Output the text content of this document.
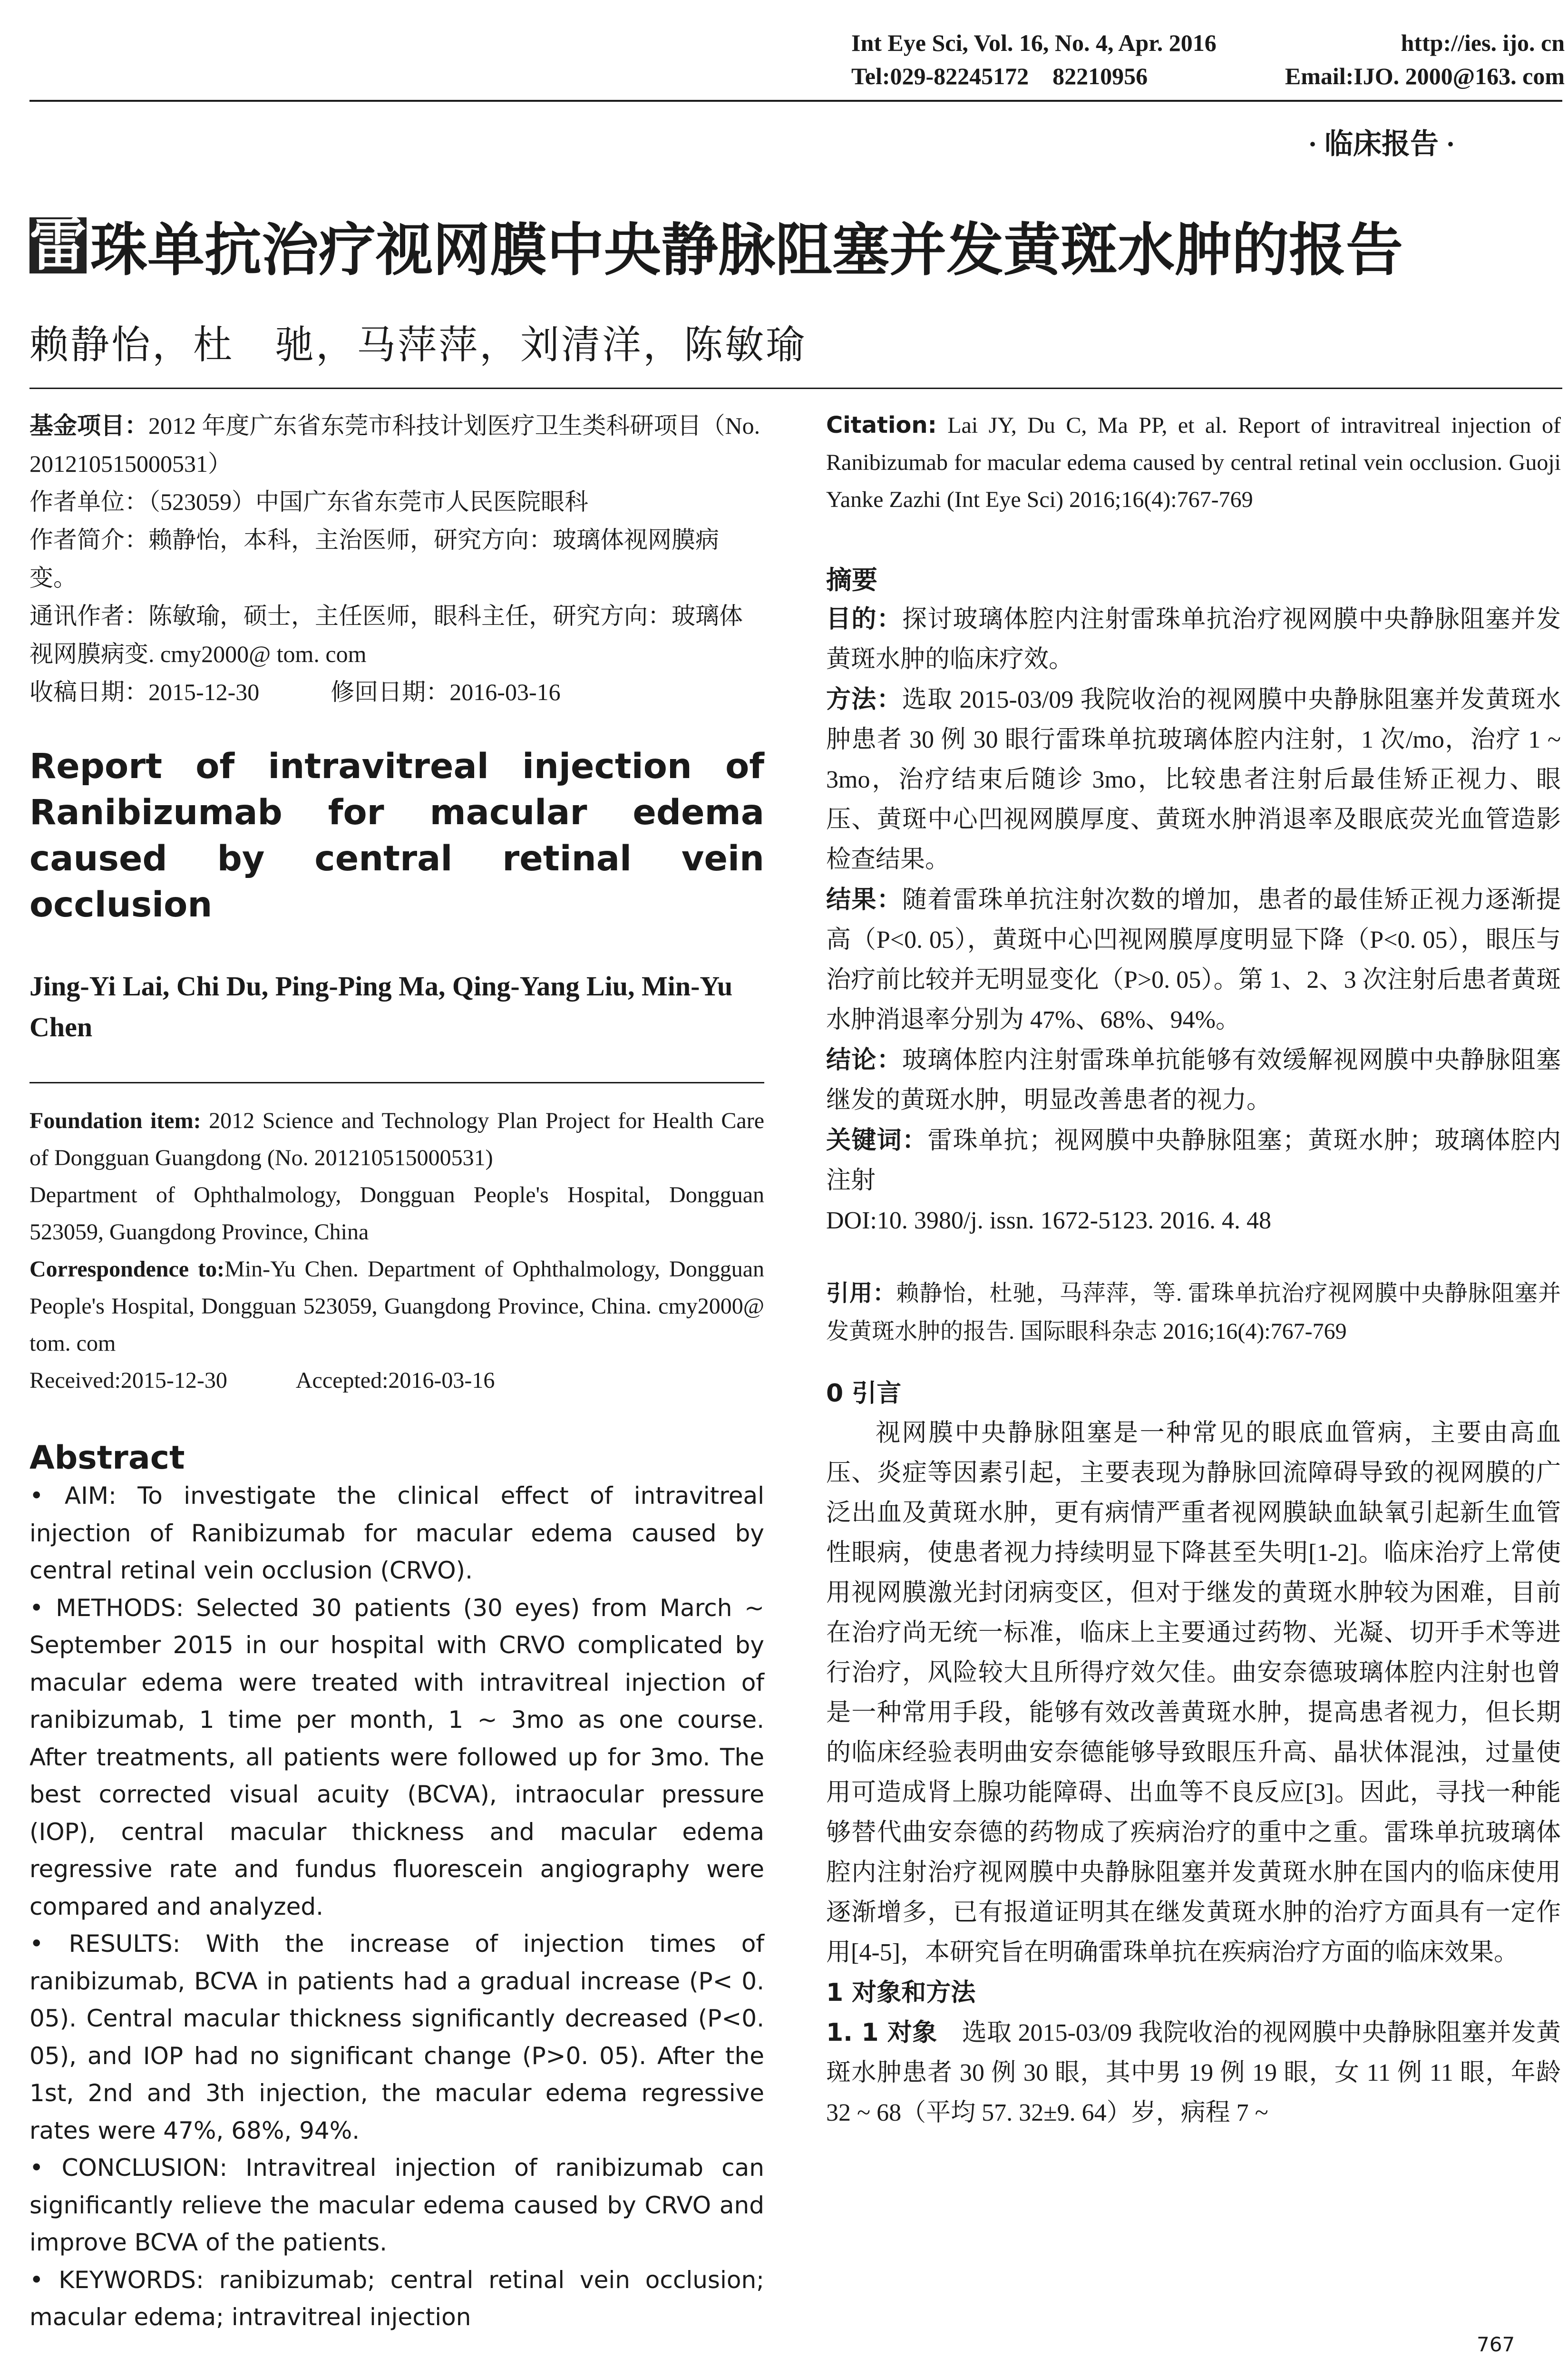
Int Eye Sci, Vol. 16, No. 4, Apr. 2016	http://ies. ijo. cn
Tel:029-82245172　82210956	Email:IJO. 2000@163. com
· 临床报告 ·
雷 珠单抗治疗视网膜中央静脉阻塞并发黄斑水肿的报告
赖静怡，杜　驰，马萍萍，刘清洋，陈敏瑜

基金项目：2012 年度广东省东莞市科技计划医疗卫生类科研项目（No. 201210515000531）

作者单位：（523059）中国广东省东莞市人民医院眼科

作者简介：赖静怡，本科，主治医师，研究方向：玻璃体视网膜病变。

通讯作者：陈敏瑜，硕士，主任医师，眼科主任，研究方向：玻璃体视网膜病变. cmy2000@ tom. com

收稿日期：2015-12-30　　　修回日期：2016-03-16

Report of intravitreal injection of Ranibizumab for macular edema caused by central retinal vein occlusion
Jing-Yi Lai, Chi Du, Ping-Ping Ma, Qing-Yang Liu, Min-Yu Chen

Foundation item: 2012 Science and Technology Plan Project for Health Care of Dongguan Guangdong (No. 201210515000531)

Department of Ophthalmology, Dongguan People's Hospital, Dongguan 523059, Guangdong Province, China

Correspondence to:Min-Yu Chen. Department of Ophthalmology, Dongguan People's Hospital, Dongguan 523059, Guangdong Province, China. cmy2000@ tom. com

Received:2015-12-30　　　Accepted:2016-03-16

Abstract

• AIM: To investigate the clinical effect of intravitreal injection of Ranibizumab for macular edema caused by central retinal vein occlusion (CRVO).

• METHODS: Selected 30 patients (30 eyes) from March ~ September 2015 in our hospital with CRVO complicated by macular edema were treated with intravitreal injection of ranibizumab, 1 time per month, 1 ~ 3mo as one course. After treatments, all patients were followed up for 3mo. The best corrected visual acuity (BCVA), intraocular pressure (IOP), central macular thickness and macular edema regressive rate and fundus fluorescein angiography were compared and analyzed.

• RESULTS: With the increase of injection times of ranibizumab, BCVA in patients had a gradual increase (P< 0. 05). Central macular thickness significantly decreased (P<0. 05), and IOP had no significant change (P>0. 05). After the 1st, 2nd and 3th injection, the macular edema regressive rates were 47%, 68%, 94%.

• CONCLUSION: Intravitreal injection of ranibizumab can significantly relieve the macular edema caused by CRVO and improve BCVA of the patients.

• KEYWORDS: ranibizumab; central retinal vein occlusion; macular edema; intravitreal injection

Citation: Lai JY, Du C, Ma PP, et al. Report of intravitreal injection of Ranibizumab for macular edema caused by central retinal vein occlusion. Guoji Yanke Zazhi (Int Eye Sci) 2016;16(4):767-769

摘要

目的：探讨玻璃体腔内注射雷珠单抗治疗视网膜中央静脉阻塞并发黄斑水肿的临床疗效。

方法：选取 2015-03/09 我院收治的视网膜中央静脉阻塞并发黄斑水肿患者 30 例 30 眼行雷珠单抗玻璃体腔内注射，1 次/mo，治疗 1 ~ 3mo，治疗结束后随诊 3mo，比较患者注射后最佳矫正视力、眼压、黄斑中心凹视网膜厚度、黄斑水肿消退率及眼底荧光血管造影检查结果。

结果：随着雷珠单抗注射次数的增加，患者的最佳矫正视力逐渐提高（P<0. 05），黄斑中心凹视网膜厚度明显下降（P<0. 05），眼压与治疗前比较并无明显变化（P>0. 05）。第 1、2、3 次注射后患者黄斑水肿消退率分别为 47%、68%、94%。

结论：玻璃体腔内注射雷珠单抗能够有效缓解视网膜中央静脉阻塞继发的黄斑水肿，明显改善患者的视力。

关键词：雷珠单抗；视网膜中央静脉阻塞；黄斑水肿；玻璃体腔内注射

DOI:10. 3980/j. issn. 1672-5123. 2016. 4. 48

引用：赖静怡，杜驰，马萍萍，等. 雷珠单抗治疗视网膜中央静脉阻塞并发黄斑水肿的报告. 国际眼科杂志 2016;16(4):767-769

0 引言

视网膜中央静脉阻塞是一种常见的眼底血管病，主要由高血压、炎症等因素引起，主要表现为静脉回流障碍导致的视网膜的广泛出血及黄斑水肿，更有病情严重者视网膜缺血缺氧引起新生血管性眼病，使患者视力持续明显下降甚至失明[1-2]。临床治疗上常使用视网膜激光封闭病变区，但对于继发的黄斑水肿较为困难，目前在治疗尚无统一标准，临床上主要通过药物、光凝、切开手术等进行治疗，风险较大且所得疗效欠佳。曲安奈德玻璃体腔内注射也曾是一种常用手段，能够有效改善黄斑水肿，提高患者视力，但长期的临床经验表明曲安奈德能够导致眼压升高、晶状体混浊，过量使用可造成肾上腺功能障碍、出血等不良反应[3]。因此，寻找一种能够替代曲安奈德的药物成了疾病治疗的重中之重。雷珠单抗玻璃体腔内注射治疗视网膜中央静脉阻塞并发黄斑水肿在国内的临床使用逐渐增多，已有报道证明其在继发黄斑水肿的治疗方面具有一定作用[4-5]，本研究旨在明确雷珠单抗在疾病治疗方面的临床效果。

1 对象和方法

1. 1 对象　选取 2015-03/09 我院收治的视网膜中央静脉阻塞并发黄斑水肿患者 30 例 30 眼，其中男 19 例 19 眼，女 11 例 11 眼，年龄 32 ~ 68（平均 57. 32±9. 64）岁，病程 7 ~

767
